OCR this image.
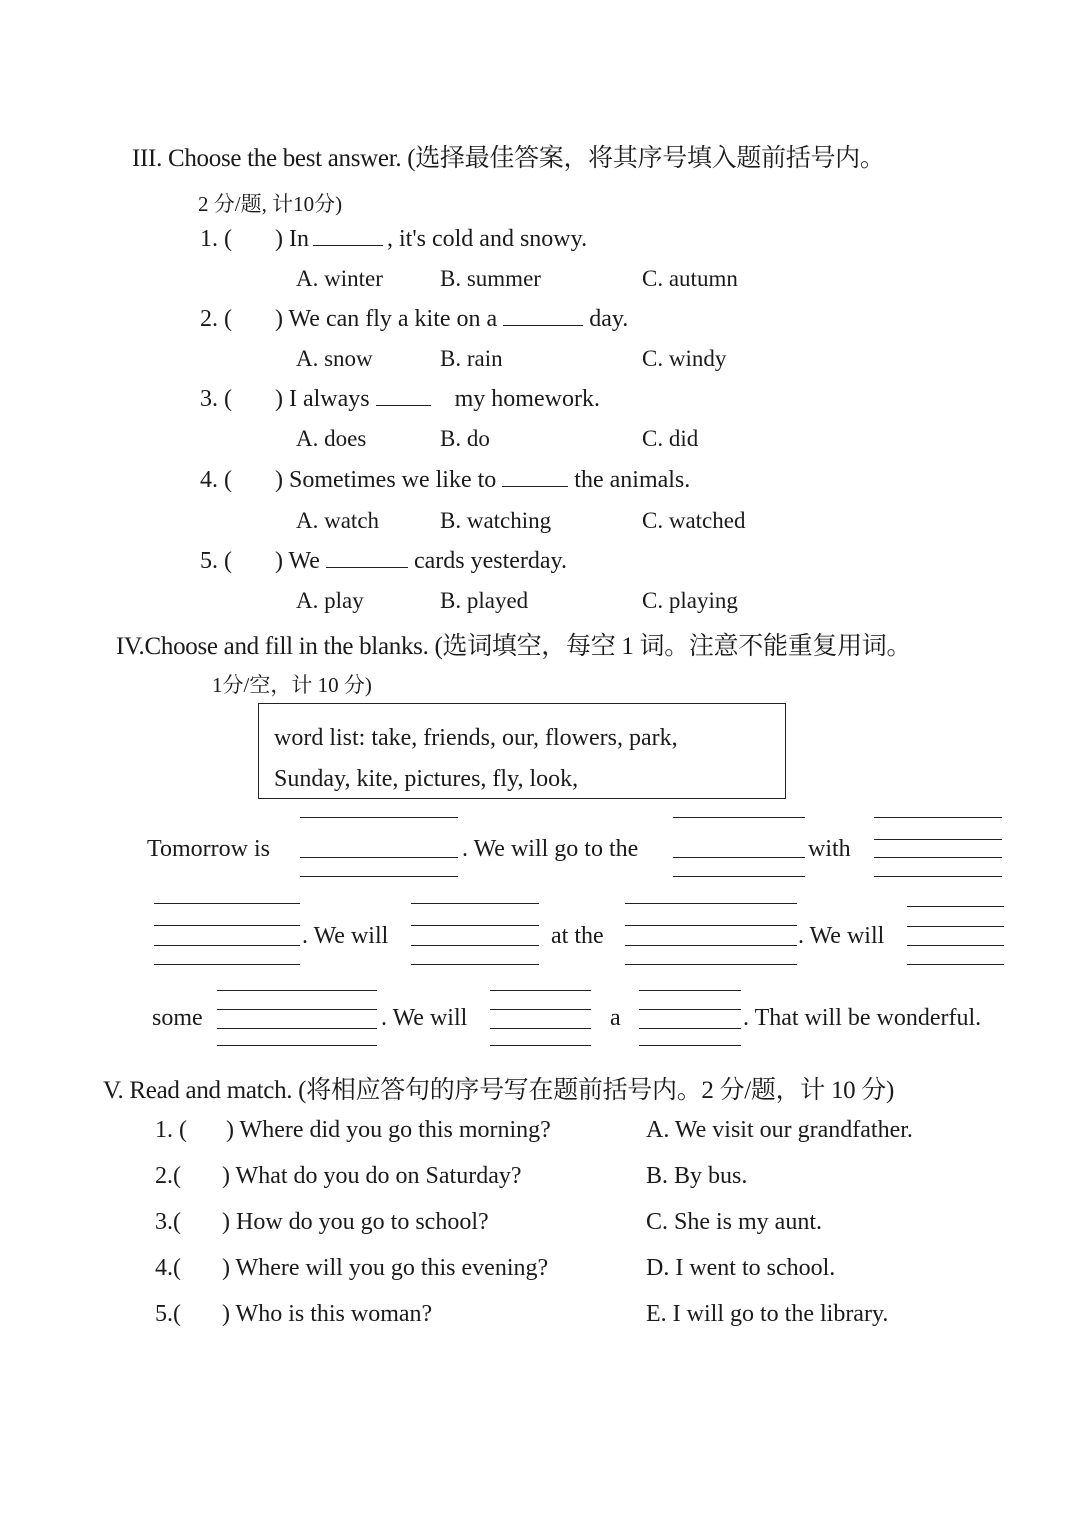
III. Choose the best answer. (选择最佳答案，将其序号填入题前括号内。
2 分/题, 计10分)
1. ( ) In	, it's cold and snowy.
A. winter B. summer	C. autumn
2. ( ) We can fly a kite on a	day.
A. snow	B. rain	C. windy
3. ( ) I always	my homework.
A. does	B. do	C. did
4. ( ) Sometimes we like to	the animals.
A. watch	B. watching	C. watched
5. ( ) We	cards yesterday.
A. play	B. played	C. playing
IV.Choose and fill in the blanks. (选词填空，每空 1 词。注意不能重复用词。
1分/空，计 10 分)
word list: take, friends, our, flowers, park,
Sunday, kite, pictures, fly, look,
Tomorrow is	. We will go to the	with
. We will	at the	. We will
some	. We will	a	. That will be wonderful.
V. Read and match. (将相应答句的序号写在题前括号内。2 分/题，计 10 分)
1. ( ) Where did you go this morning?	A. We visit our grandfather.
2.( ) What do you do on Saturday?	B. By bus.
3.( ) How do you go to school?	C. She is my aunt.
4.( ) Where will you go this evening?	D. I went to school.
5.( ) Who is this woman?	E. I will go to the library.
